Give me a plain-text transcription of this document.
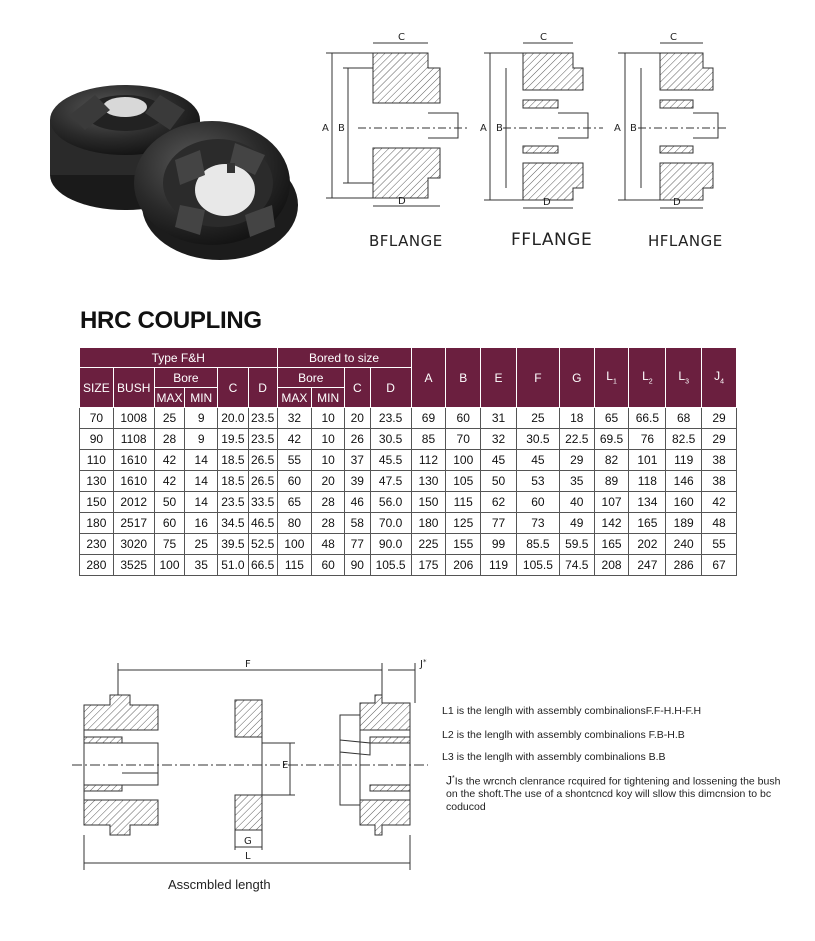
C
D
A B
C
D
A B
C
D
A B
BFLANGE	FFLANGE	HFLANGE
HRC COUPLING
Type F&H						Bored to size				A	B	E	F	G	$L_1$	$L_2$	$L_3$	$J_4$
SIZE	BUSH	Bore		C	D	Bore		C	D									
		MAX	MIN			MAX	MIN											
70	1008	25	9	20.0	23.5	32	10	20	23.5	69	60	31	25	18	65	66.5	68	29
90	1108	28	9	19.5	23.5	42	10	26	30.5	85	70	32	30.5	22.5	69.5	76	82.5	29
110	1610	42	14	18.5	26.5	55	10	37	45.5	112	100	45	45	29	82	101	119	38
130	1610	42	14	18.5	26.5	60	20	39	47.5	130	105	50	53	35	89	118	146	38
150	2012	50	14	23.5	33.5	65	28	46	56.0	150	115	62	60	40	107	134	160	42
180	2517	60	16	34.5	46.5	80	28	58	70.0	180	125	77	73	49	142	165	189	48
230	3020	75	25	39.5	52.5	100	48	77	90.0	225	155	99	85.5	59.5	165	202	240	55
280	3525	100	35	51.0	66.5	115	60	90	105.5	175	206	119	105.5	74.5	208	247	286	67
F	J*
E
G
L
Asscmbled length
L1 is the lenglh with assembly combinalionsF.F-H.H-F.H
L2 is the lenglh with assembly combinalions F.B-H.B
L3 is the lenglh with assembly combinalions B.B
J*Is the wrcnch clenrance rcquired for tightening and lossening the bush on the shoft.The use of a shontcncd koy will sllow this dimcnsion to bc coducod
